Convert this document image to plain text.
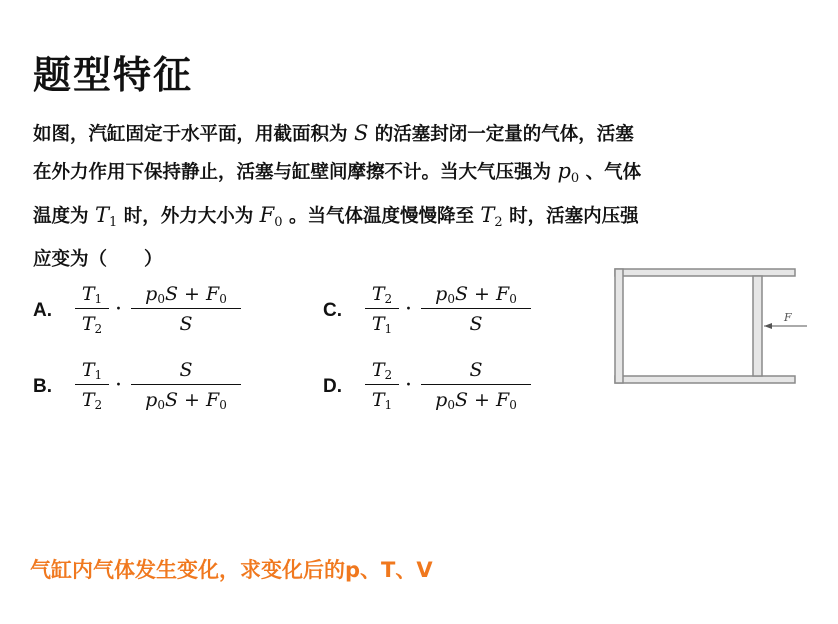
题型特征
如图，汽缸固定于水平面，用截面积为 S 的活塞封闭一定量的气体，活塞
在外力作用下保持静止，活塞与缸壁间摩擦不计。当大气压强为 $p_0$ 、气体
温度为 $T_1$ 时，外力大小为 $F_0$ 。当气体温度慢慢降至 $T_2$ 时，活塞内压强
应变为（　　）
A.
$T_1$
$T_2$
·
$p_0S + F_0$
S
B.
$T_1$
$T_2$
·
S
$p_0S + F_0$
C.
$T_2$
$T_1$
·
$p_0S + F_0$
S
D.
$T_2$
$T_1$
·
S
$p_0S + F_0$
F
气缸内气体发生变化，求变化后的p、T、V
